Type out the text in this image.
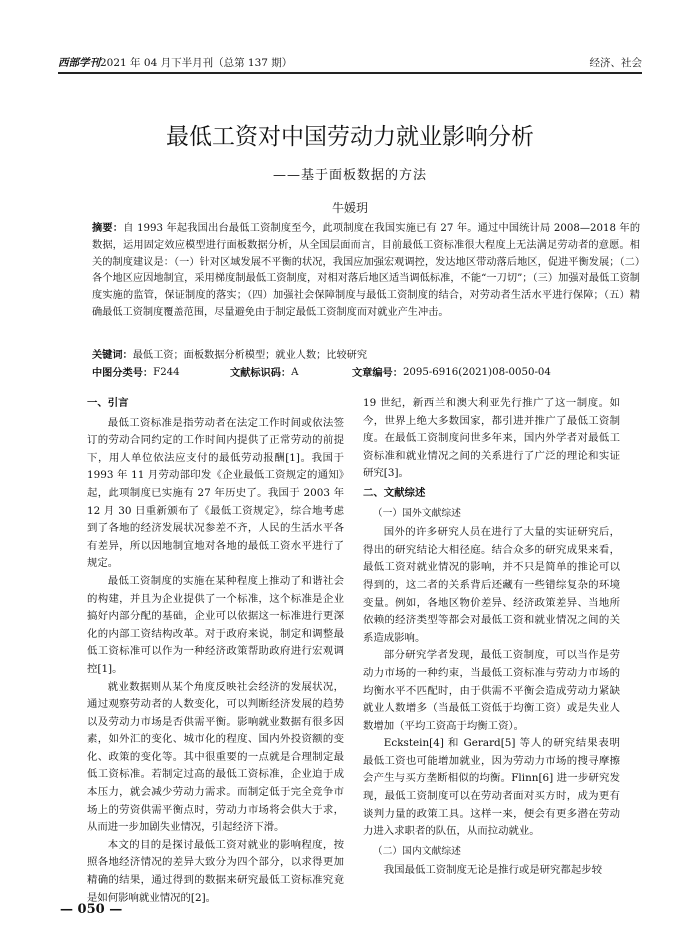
西部学刊2021 年 04 月下半月刊（总第 137 期）	经济、社会
最低工资对中国劳动力就业影响分析
——基于面板数据的方法
牛媛玥
摘要：自 1993 年起我国出台最低工资制度至今，此项制度在我国实施已有 27 年。通过中国统计局 2008—2018 年的数据，运用固定效应模型进行面板数据分析，从全国层面而言，目前最低工资标准很大程度上无法满足劳动者的意愿。相关的制度建议是：（一）针对区域发展不平衡的状况，我国应加强宏观调控，发达地区带动落后地区，促进平衡发展；（二）各个地区应因地制宜，采用梯度制最低工资制度，对相对落后地区适当调低标准，不能“一刀切”；（三）加强对最低工资制度实施的监管，保证制度的落实；（四）加强社会保障制度与最低工资制度的结合，对劳动者生活水平进行保障；（五）精确最低工资制度覆盖范围，尽量避免由于制定最低工资制度而对就业产生冲击。
关键词：最低工资；面板数据分析模型；就业人数；比较研究
中图分类号： F244	文献标识码： A	文章编号： 2095-6916(2021)08-0050-04
一、引言

最低工资标准是指劳动者在法定工作时间或依法签订的劳动合同约定的工作时间内提供了正常劳动的前提下，用人单位依法应支付的最低劳动报酬[1]。我国于1993 年 11 月劳动部印发《企业最低工资规定的通知》起，此项制度已实施有 27 年历史了。我国于 2003 年 12 月 30 日重新颁布了《最低工资规定》，综合地考虑到了各地的经济发展状况参差不齐，人民的生活水平各有差异，所以因地制宜地对各地的最低工资水平进行了规定。

最低工资制度的实施在某种程度上推动了和谐社会的构建，并且为企业提供了一个标准，这个标准是企业搞好内部分配的基础，企业可以依据这一标准进行更深化的内部工资结构改革。对于政府来说，制定和调整最低工资标准可以作为一种经济政策帮助政府进行宏观调控[1]。

就业数据则从某个角度反映社会经济的发展状况，通过观察劳动者的人数变化，可以判断经济发展的趋势以及劳动力市场是否供需平衡。影响就业数据有很多因素，如外汇的变化、城市化的程度、国内外投资额的变化、政策的变化等。其中很重要的一点就是合理制定最低工资标准。若制定过高的最低工资标准，企业迫于成本压力，就会减少劳动力需求。而制定低于完全竞争市场上的劳资供需平衡点时，劳动力市场将会供大于求，从而进一步加剧失业情况，引起经济下滑。

本文的目的是探讨最低工资对就业的影响程度，按照各地经济情况的差异大致分为四个部分，以求得更加精确的结果，通过得到的数据来研究最低工资标准究竟是如何影响就业情况的[2]。

19 世纪，新西兰和澳大利亚先行推广了这一制度。如今，世界上绝大多数国家，都引进并推广了最低工资制度。在最低工资制度问世多年来，国内外学者对最低工资标准和就业情况之间的关系进行了广泛的理论和实证研究[3]。

二、文献综述
（一）国外文献综述

国外的许多研究人员在进行了大量的实证研究后，得出的研究结论大相径庭。结合众多的研究成果来看，最低工资对就业情况的影响，并不只是简单的推论可以得到的，这二者的关系背后还藏有一些错综复杂的环境变量。例如，各地区物价差异、经济政策差异、当地所依赖的经济类型等都会对最低工资和就业情况之间的关系造成影响。

部分研究学者发现，最低工资制度，可以当作是劳动力市场的一种约束，当最低工资标准与劳动力市场的均衡水平不匹配时，由于供需不平衡会造成劳动力紧缺就业人数增多（当最低工资低于均衡工资）或是失业人数增加（平均工资高于均衡工资）。

Eckstein[4] 和 Gerard[5] 等人的研究结果表明最低工资也可能增加就业，因为劳动力市场的搜寻摩擦会产生与买方垄断相似的均衡。Flinn[6] 进一步研究发现，最低工资制度可以在劳动者面对买方时，成为更有谈判力量的政策工具。这样一来，便会有更多潜在劳动力进入求职者的队伍，从而拉动就业。

（二）国内文献综述

我国最低工资制度无论是推行或是研究都起步较

— 050 —
